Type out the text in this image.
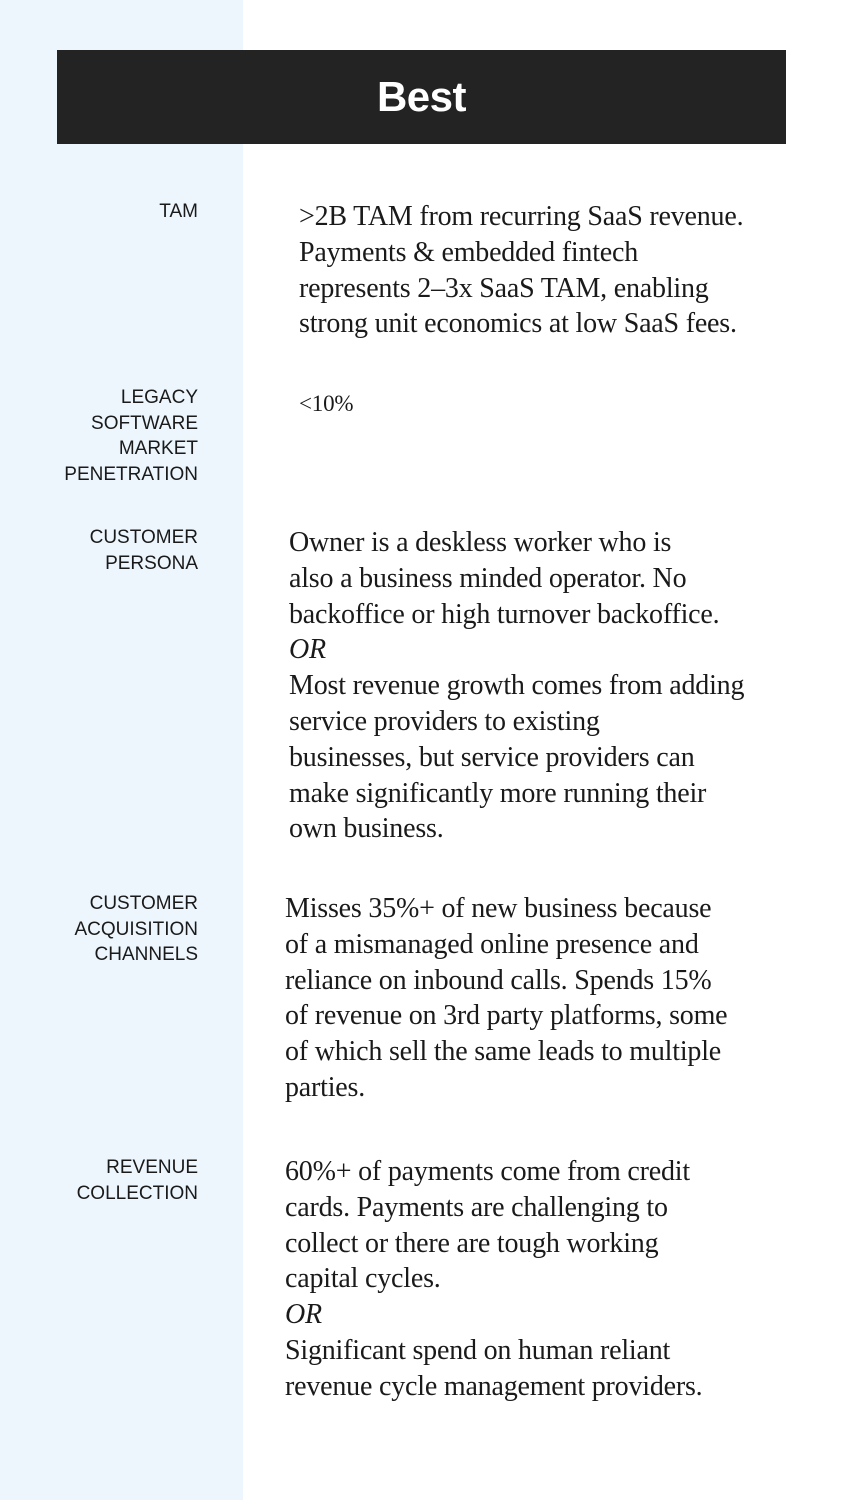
Best
TAM	>2B TAM from recurring SaaS revenue.
Payments & embedded fintech
represents 2–3x SaaS TAM, enabling
strong unit economics at low SaaS fees.
LEGACY
SOFTWARE
MARKET
PENETRATION
<10%
CUSTOMER
PERSONA
Owner is a deskless worker who is
also a business minded operator. No
backoffice or high turnover backoffice.
OR
Most revenue growth comes from adding
service providers to existing
businesses, but service providers can
make significantly more running their
own business.
CUSTOMER
ACQUISITION
CHANNELS
Misses 35%+ of new business because
of a mismanaged online presence and
reliance on inbound calls. Spends 15%
of revenue on 3rd party platforms, some
of which sell the same leads to multiple
parties.
REVENUE
COLLECTION
60%+ of payments come from credit
cards. Payments are challenging to
collect or there are tough working
capital cycles.
OR
Significant spend on human reliant
revenue cycle management providers.
